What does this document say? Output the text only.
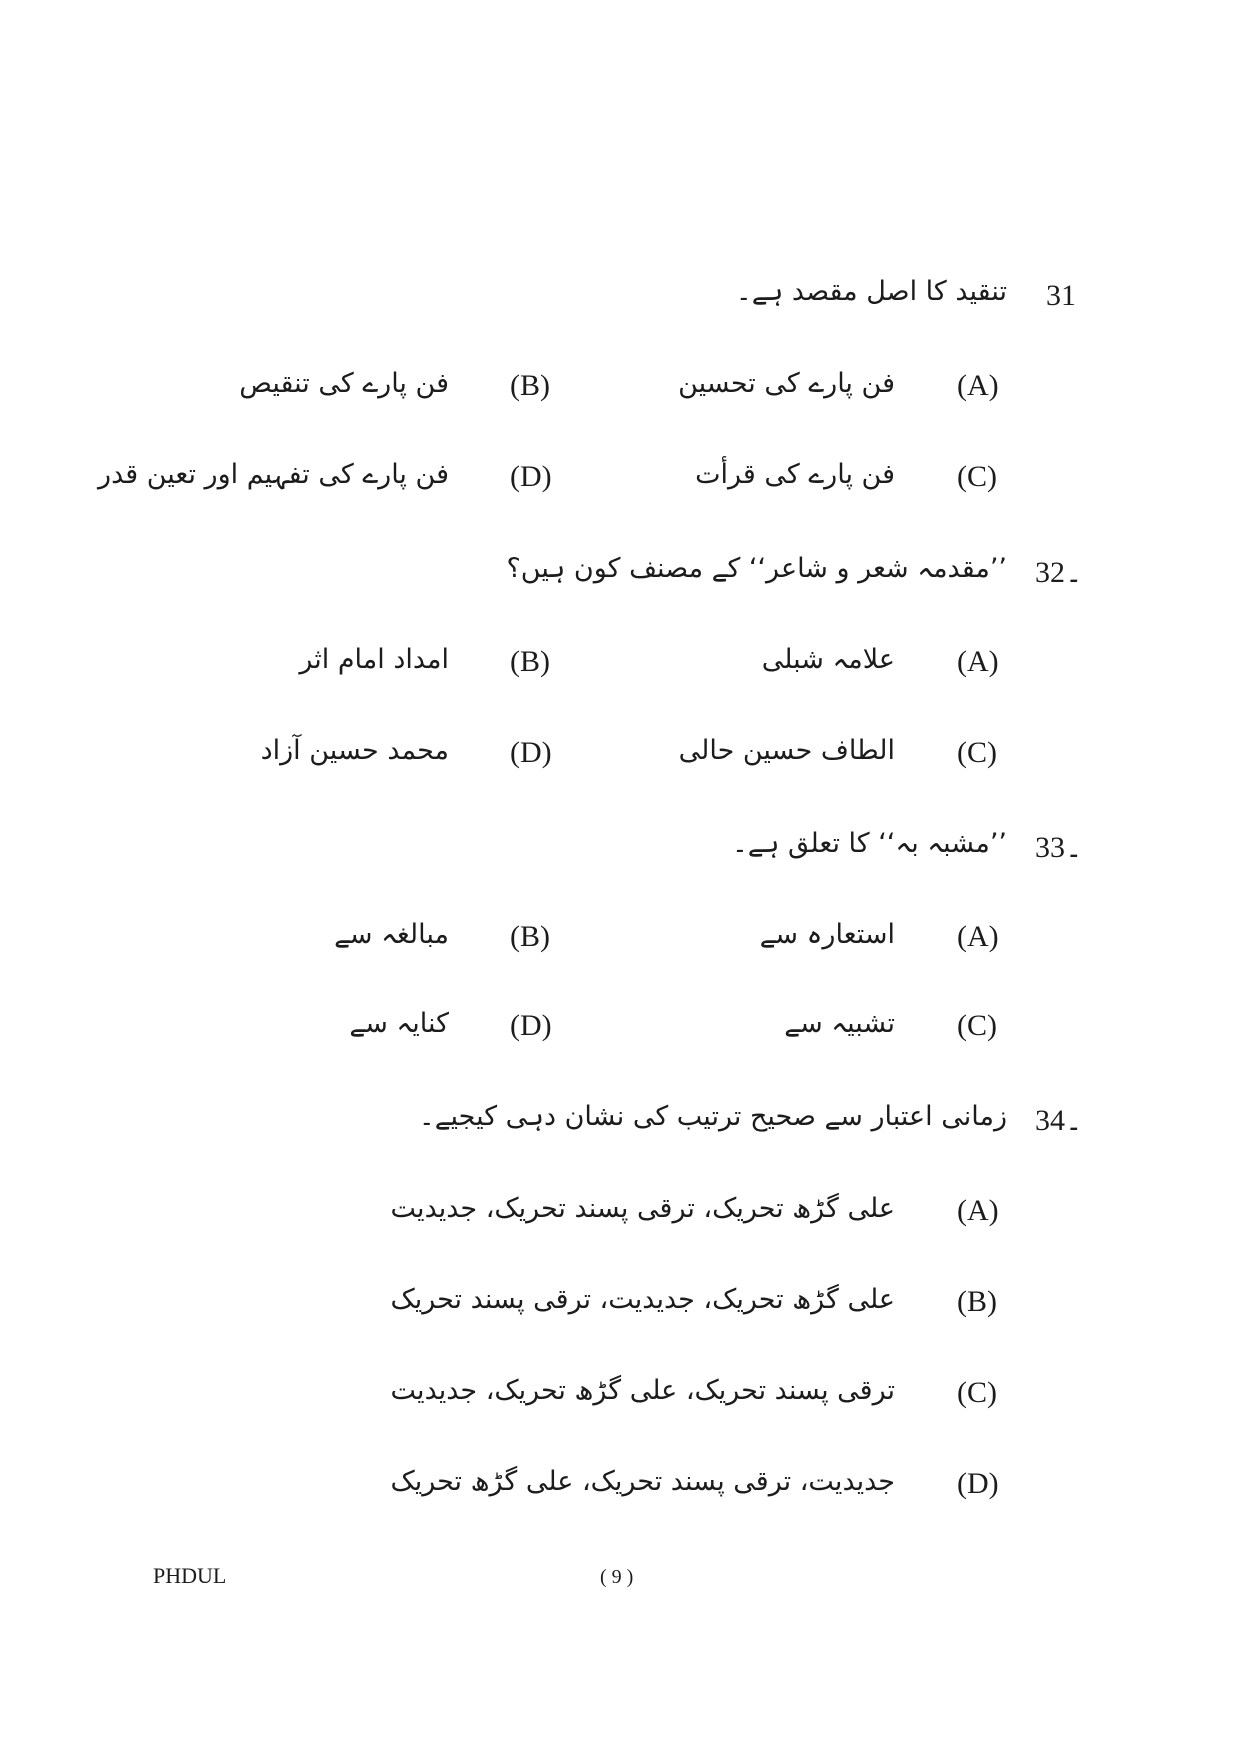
31
تنقید کا اصل مقصد ہے۔
(A)
فن پارے کی تحسین
(B)
فن پارے کی تنقیص
(C)
فن پارے کی قرأت
(D)
فن پارے کی تفہیم اور تعین قدر
32۔
’’مقدمہ شعر و شاعر‘‘ کے مصنف کون ہیں؟
(A)
علامہ شبلی
(B)
امداد امام اثر
(C)
الطاف حسین حالی
(D)
محمد حسین آزاد
33۔
’’مشبہ بہ‘‘ کا تعلق ہے۔
(A)
استعارہ سے
(B)
مبالغہ سے
(C)
تشبیہ سے
(D)
کنایہ سے
34۔
زمانی اعتبار سے صحیح ترتیب کی نشان دہی کیجیے۔
(A)
علی گڑھ تحریک، ترقی پسند تحریک، جدیدیت
(B)
علی گڑھ تحریک، جدیدیت، ترقی پسند تحریک
(C)
ترقی پسند تحریک، علی گڑھ تحریک، جدیدیت
(D)
جدیدیت، ترقی پسند تحریک، علی گڑھ تحریک
PHDUL	( 9 )
